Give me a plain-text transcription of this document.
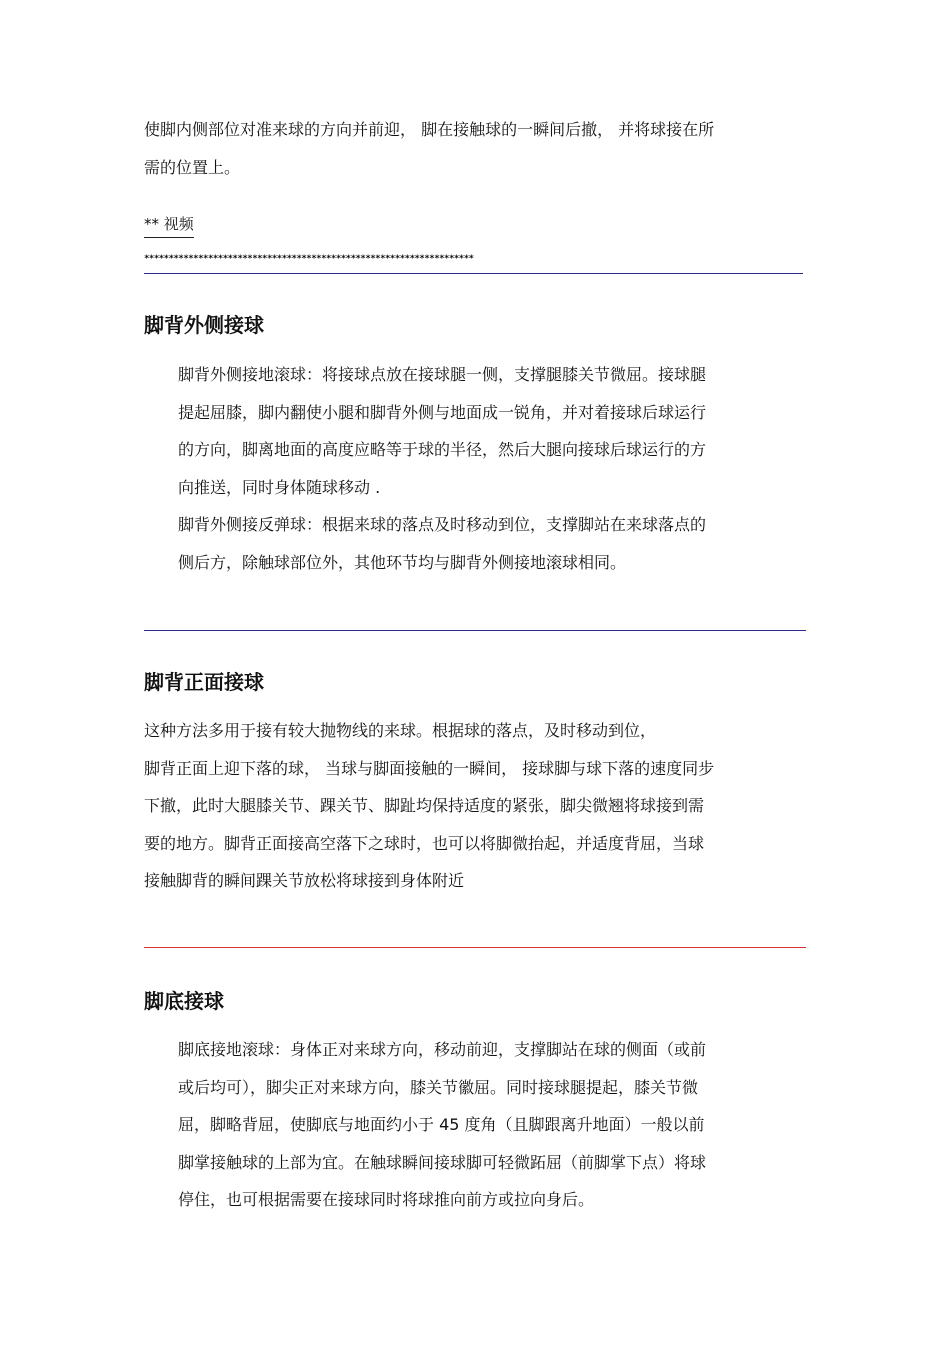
使脚内侧部位对准来球的方向并前迎， 脚在接触球的一瞬间后撤， 并将球接在所
需的位置上。
** 视频
*******************************************************************
脚背外侧接球
脚背外侧接地滚球：将接球点放在接球腿一侧，支撑腿膝关节微屈。接球腿
提起屈膝，脚内翻使小腿和脚背外侧与地面成一锐角，并对着接球后球运行
的方向，脚离地面的高度应略等于球的半径，然后大腿向接球后球运行的方
向推送，同时身体随球移动 .
脚背外侧接反弹球：根据来球的落点及时移动到位，支撑脚站在来球落点的
侧后方，除触球部位外，其他环节均与脚背外侧接地滚球相同。
脚背正面接球
这种方法多用于接有较大抛物线的来球。根据球的落点，及时移动到位，
脚背正面上迎下落的球， 当球与脚面接触的一瞬间， 接球脚与球下落的速度同步
下撤，此时大腿膝关节、踝关节、脚趾均保持适度的紧张，脚尖微翘将球接到需
要的地方。脚背正面接高空落下之球时，也可以将脚微抬起，并适度背屈，当球
接触脚背的瞬间踝关节放松将球接到身体附近
脚底接球
脚底接地滚球：身体正对来球方向，移动前迎，支撑脚站在球的侧面（或前
或后均可），脚尖正对来球方向，膝关节徽屈。同时接球腿提起，膝关节微
屈，脚略背屈，使脚底与地面约小于 45 度角（且脚跟离升地面）一般以前
脚掌接触球的上部为宜。在触球瞬间接球脚可轻微跖屈（前脚掌下点）将球
停住，也可根据需要在接球同时将球推向前方或拉向身后。
